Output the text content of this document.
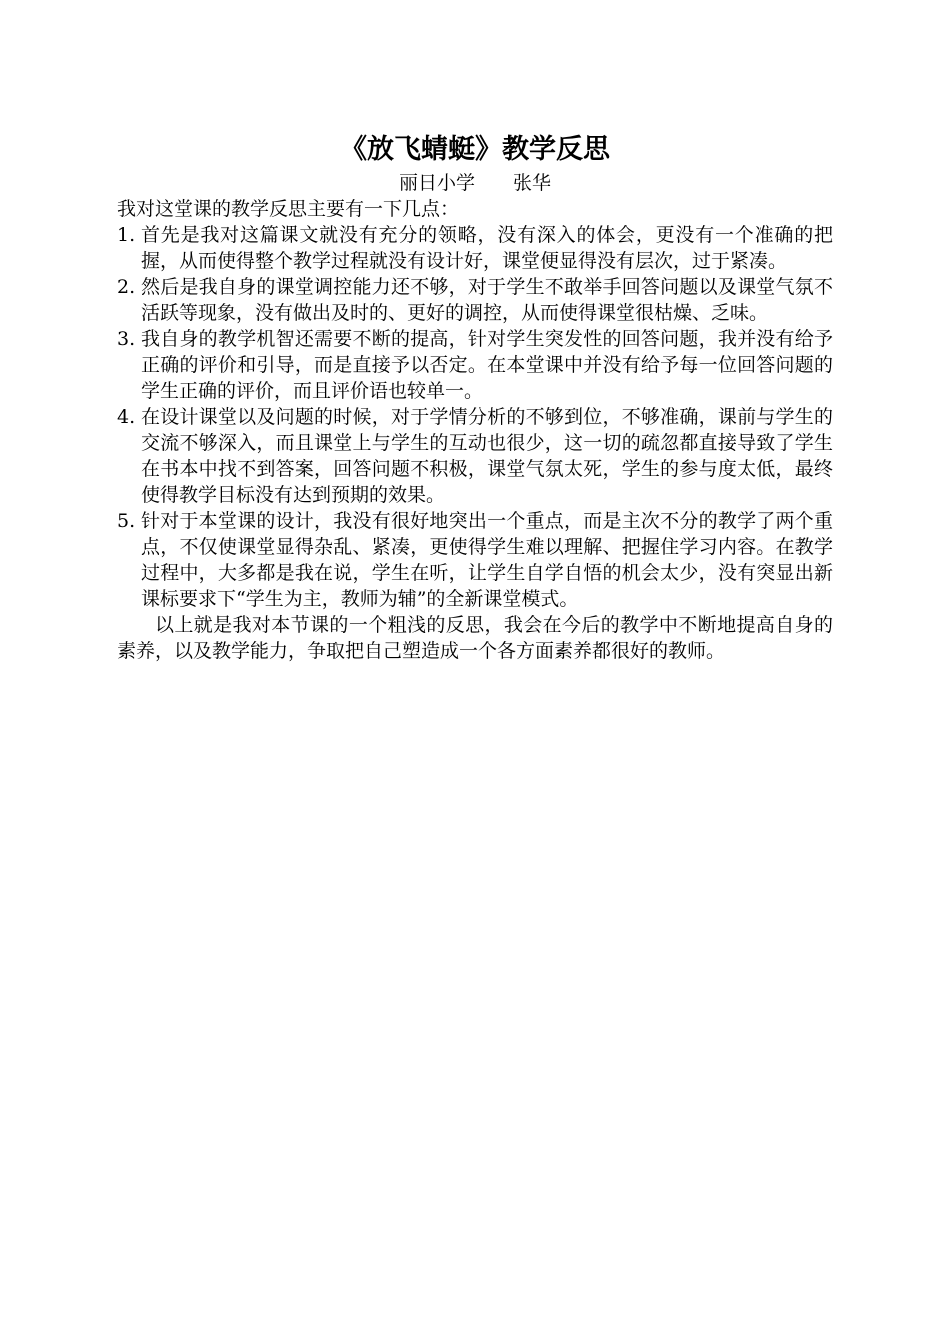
《放飞蜻蜓》教学反思

丽日小学　　张华

我对这堂课的教学反思主要有一下几点：

1. 首先是我对这篇课文就没有充分的领略，没有深入的体会，更没有一个准确的把握，从而使得整个教学过程就没有设计好，课堂便显得没有层次，过于紧凑。
2. 然后是我自身的课堂调控能力还不够，对于学生不敢举手回答问题以及课堂气氛不活跃等现象，没有做出及时的、更好的调控，从而使得课堂很枯燥、乏味。
3. 我自身的教学机智还需要不断的提高，针对学生突发性的回答问题，我并没有给予正确的评价和引导，而是直接予以否定。在本堂课中并没有给予每一位回答问题的学生正确的评价，而且评价语也较单一。
4. 在设计课堂以及问题的时候，对于学情分析的不够到位，不够准确，课前与学生的交流不够深入，而且课堂上与学生的互动也很少，这一切的疏忽都直接导致了学生在书本中找不到答案，回答问题不积极，课堂气氛太死，学生的参与度太低，最终使得教学目标没有达到预期的效果。
5. 针对于本堂课的设计，我没有很好地突出一个重点，而是主次不分的教学了两个重点，不仅使课堂显得杂乱、紧凑，更使得学生难以理解、把握住学习内容。在教学过程中，大多都是我在说，学生在听，让学生自学自悟的机会太少，没有突显出新课标要求下“学生为主，教师为辅”的全新课堂模式。

以上就是我对本节课的一个粗浅的反思，我会在今后的教学中不断地提高自身的素养，以及教学能力，争取把自己塑造成一个各方面素养都很好的教师。
